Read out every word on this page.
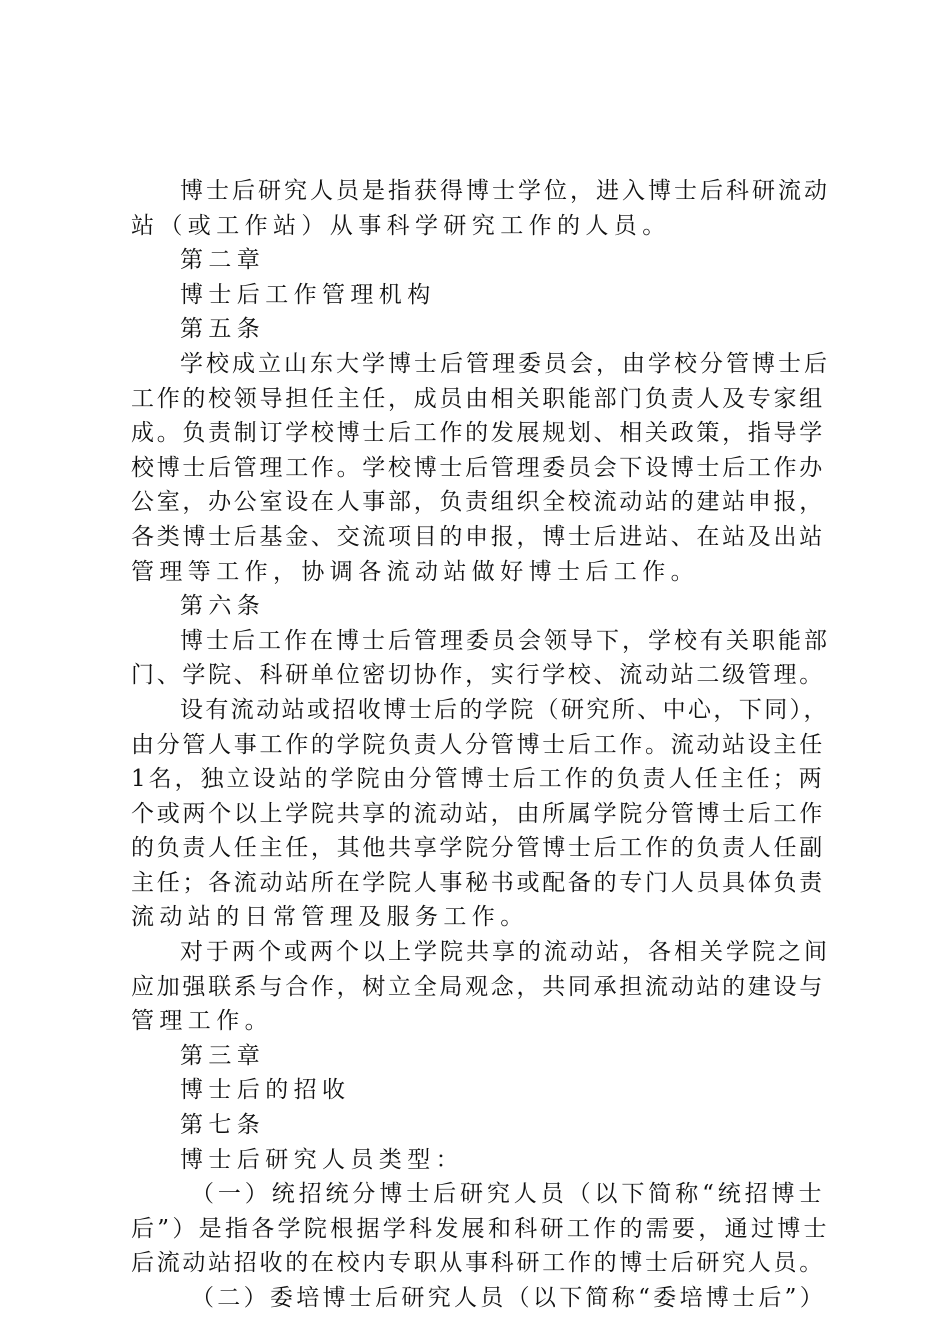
博士后研究人员是指获得博士学位，进入博士后科研流动
站（或工作站）从事科学研究工作的人员。
第二章
博士后工作管理机构
第五条
学校成立山东大学博士后管理委员会，由学校分管博士后
工作的校领导担任主任，成员由相关职能部门负责人及专家组
成。负责制订学校博士后工作的发展规划、相关政策，指导学
校博士后管理工作。学校博士后管理委员会下设博士后工作办
公室，办公室设在人事部，负责组织全校流动站的建站申报，
各类博士后基金、交流项目的申报，博士后进站、在站及出站
管理等工作，协调各流动站做好博士后工作。
第六条
博士后工作在博士后管理委员会领导下，学校有关职能部
门、学院、科研单位密切协作，实行学校、流动站二级管理。
设有流动站或招收博士后的学院（研究所、中心，下同），
由分管人事工作的学院负责人分管博士后工作。流动站设主任
1名，独立设站的学院由分管博士后工作的负责人任主任；两
个或两个以上学院共享的流动站，由所属学院分管博士后工作
的负责人任主任，其他共享学院分管博士后工作的负责人任副
主任；各流动站所在学院人事秘书或配备的专门人员具体负责
流动站的日常管理及服务工作。
对于两个或两个以上学院共享的流动站，各相关学院之间
应加强联系与合作，树立全局观念，共同承担流动站的建设与
管理工作。
第三章
博士后的招收
第七条
博士后研究人员类型：
（一）统招统分博士后研究人员（以下简称“统招博士
后”）是指各学院根据学科发展和科研工作的需要，通过博士
后流动站招收的在校内专职从事科研工作的博士后研究人员。
（二）委培博士后研究人员（以下简称“委培博士后”）
